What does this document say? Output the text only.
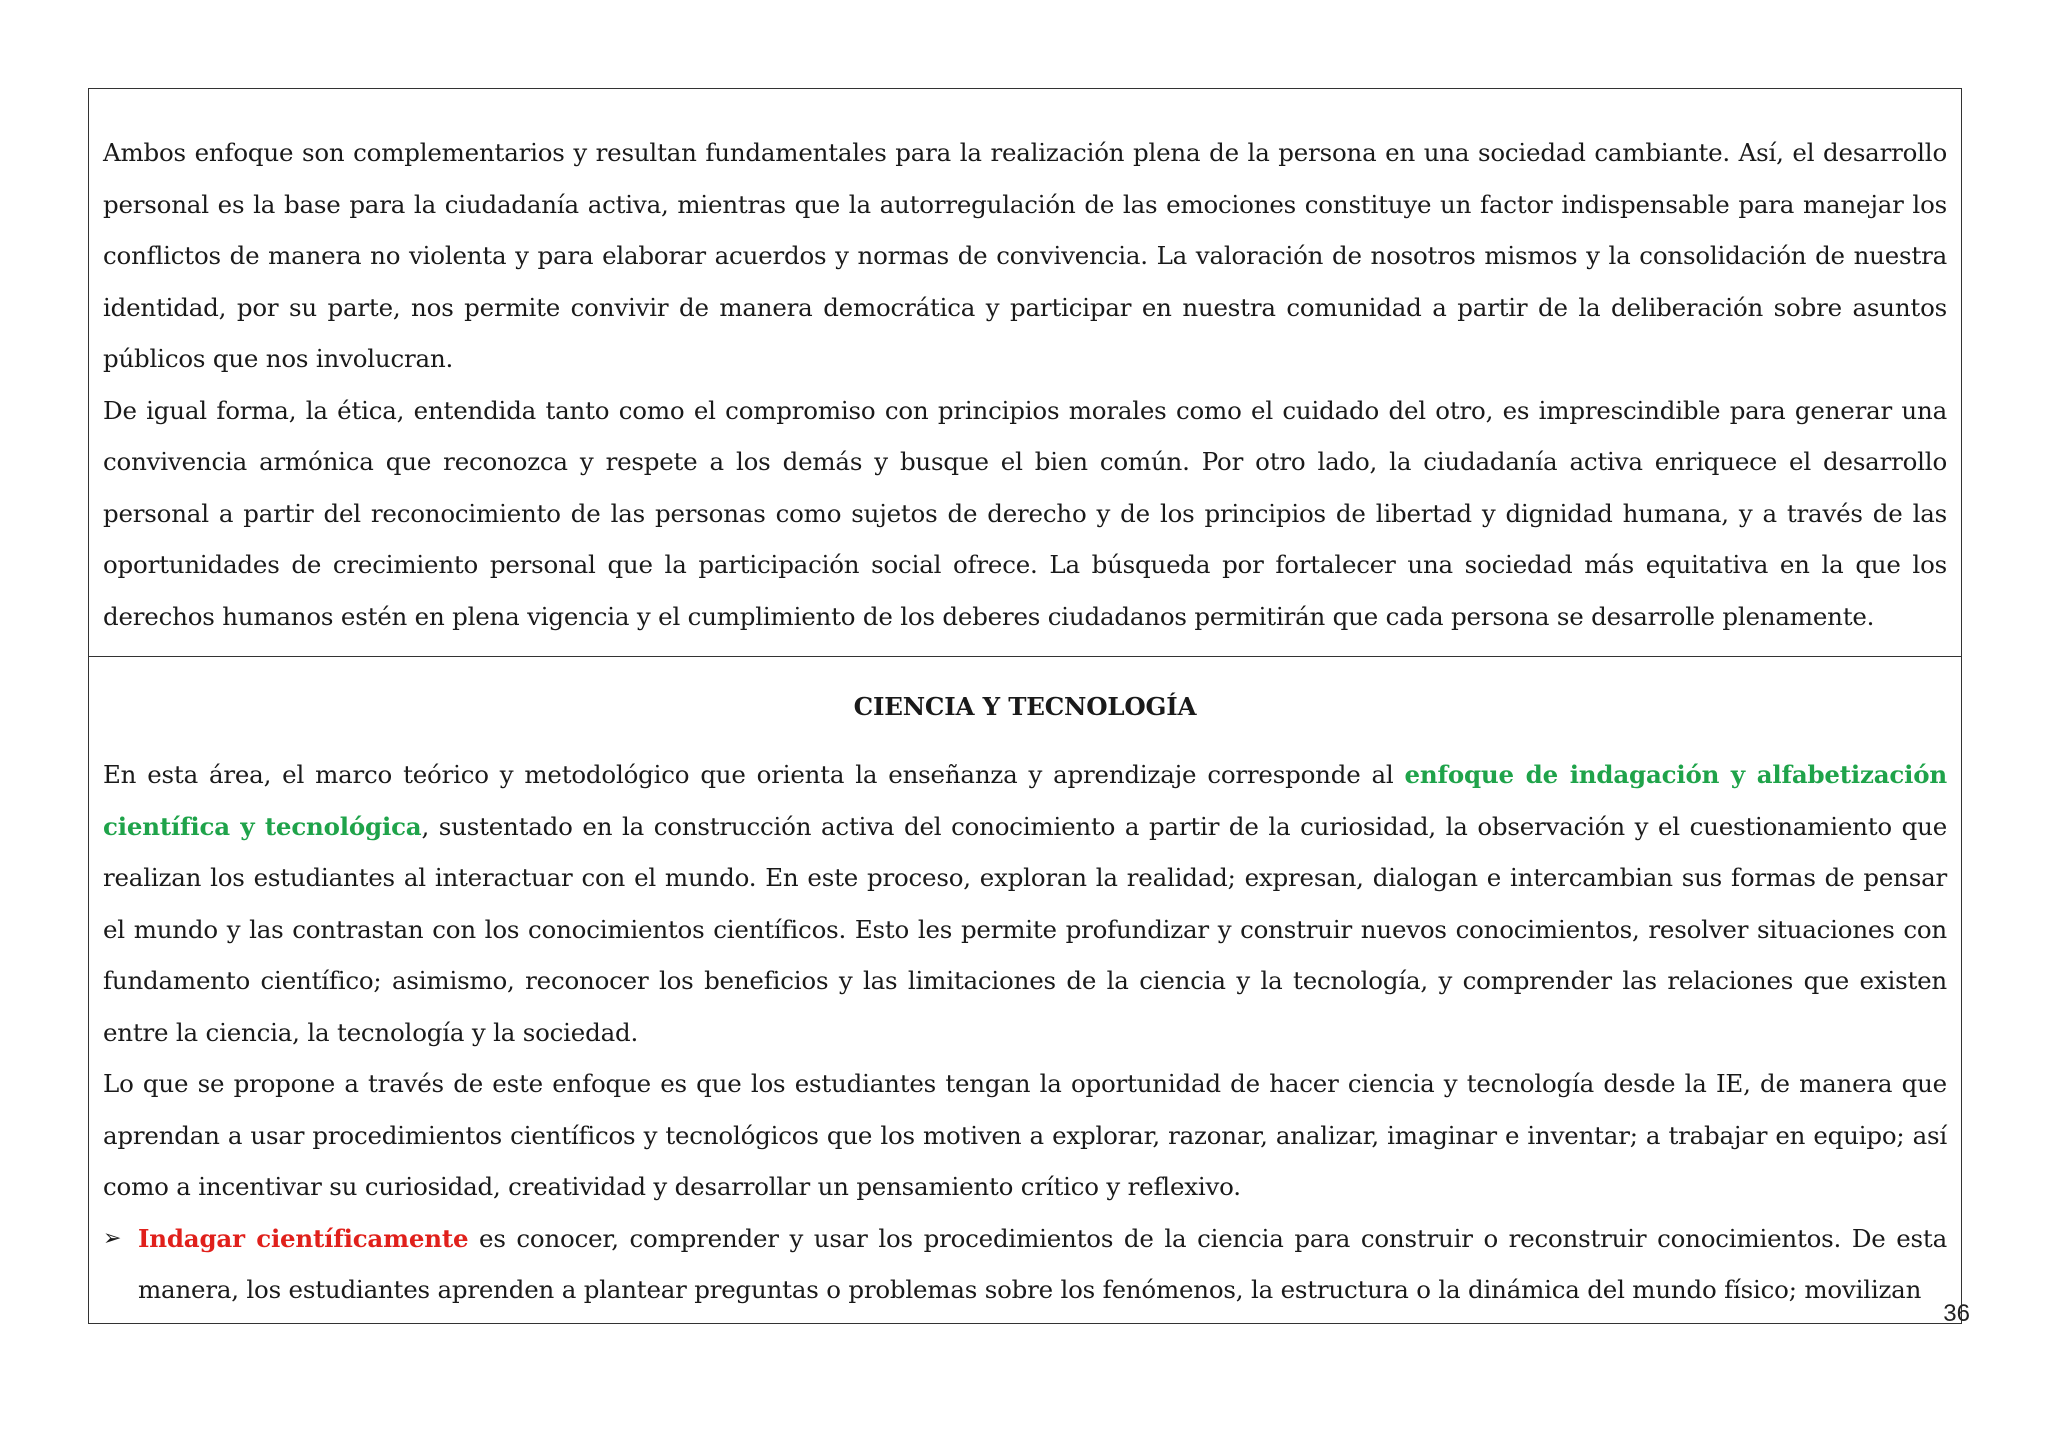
Ambos enfoque son complementarios y resultan fundamentales para la realización plena de la persona en una sociedad cambiante. Así, el desarrollo personal es la base para la ciudadanía activa, mientras que la autorregulación de las emociones constituye un factor indispensable para manejar los conflictos de manera no violenta y para elaborar acuerdos y normas de convivencia. La valoración de nosotros mismos y la consolidación de nuestra identidad, por su parte, nos permite convivir de manera democrática y participar en nuestra comunidad a partir de la deliberación sobre asuntos públicos que nos involucran.

De igual forma, la ética, entendida tanto como el compromiso con principios morales como el cuidado del otro, es imprescindible para generar una convivencia armónica que reconozca y respete a los demás y busque el bien común. Por otro lado, la ciudadanía activa enriquece el desarrollo personal a partir del reconocimiento de las personas como sujetos de derecho y de los principios de libertad y dignidad humana, y a través de las oportunidades de crecimiento personal que la participación social ofrece. La búsqueda por fortalecer una sociedad más equitativa en la que los derechos humanos estén en plena vigencia y el cumplimiento de los deberes ciudadanos permitirán que cada persona se desarrolle plenamente.

CIENCIA Y TECNOLOGÍA

En esta área, el marco teórico y metodológico que orienta la enseñanza y aprendizaje corresponde al enfoque de indagación y alfabetización científica y tecnológica, sustentado en la construcción activa del conocimiento a partir de la curiosidad, la observación y el cuestionamiento que realizan los estudiantes al interactuar con el mundo. En este proceso, exploran la realidad; expresan, dialogan e intercambian sus formas de pensar el mundo y las contrastan con los conocimientos científicos. Esto les permite profundizar y construir nuevos conocimientos, resolver situaciones con fundamento científico; asimismo, reconocer los beneficios y las limitaciones de la ciencia y la tecnología, y comprender las relaciones que existen entre la ciencia, la tecnología y la sociedad.

Lo que se propone a través de este enfoque es que los estudiantes tengan la oportunidad de hacer ciencia y tecnología desde la IE, de manera que aprendan a usar procedimientos científicos y tecnológicos que los motiven a explorar, razonar, analizar, imaginar e inventar; a trabajar en equipo; así como a incentivar su curiosidad, creatividad y desarrollar un pensamiento crítico y reflexivo.

➢ Indagar científicamente es conocer, comprender y usar los procedimientos de la ciencia para construir o reconstruir conocimientos. De esta manera, los estudiantes aprenden a plantear preguntas o problemas sobre los fenómenos, la estructura o la dinámica del mundo físico; movilizan

36
